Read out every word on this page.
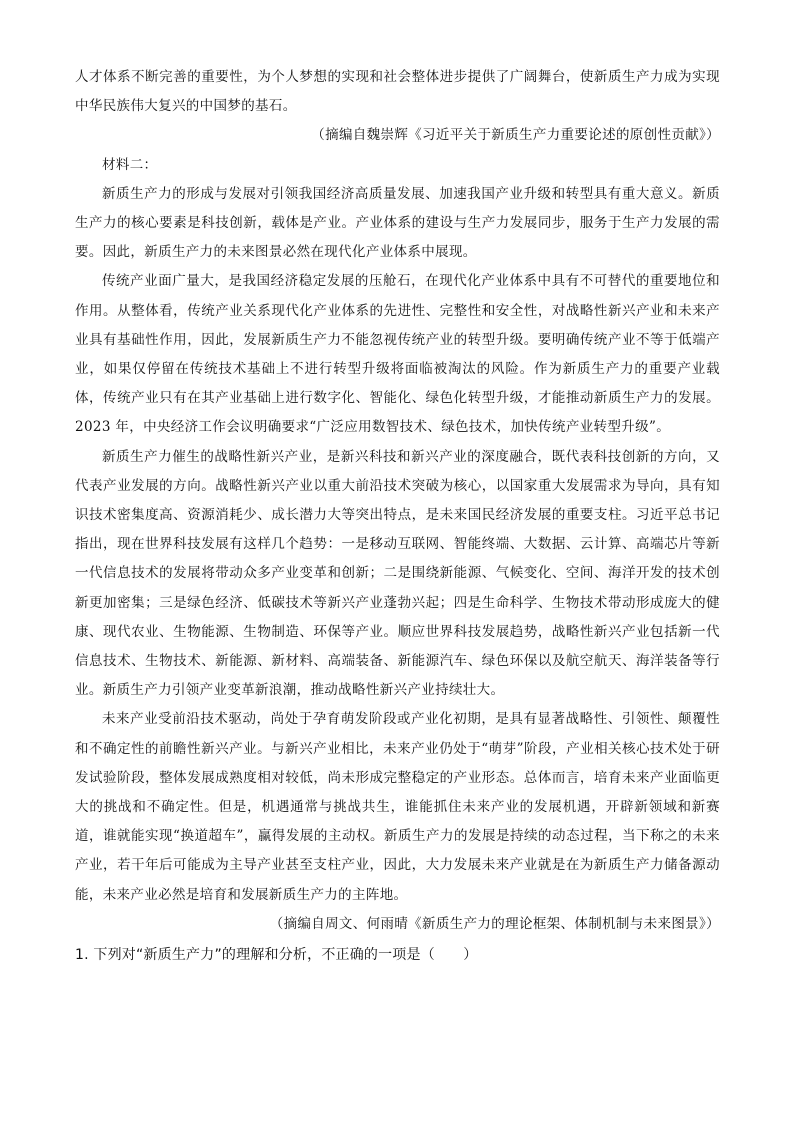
人才体系不断完善的重要性，为个人梦想的实现和社会整体进步提供了广阔舞台，使新质生产力成为实现中华民族伟大复兴的中国梦的基石。

（摘编自魏崇辉《习近平关于新质生产力重要论述的原创性贡献》）

材料二：

新质生产力的形成与发展对引领我国经济高质量发展、加速我国产业升级和转型具有重大意义。新质生产力的核心要素是科技创新，载体是产业。产业体系的建设与生产力发展同步，服务于生产力发展的需要。因此，新质生产力的未来图景必然在现代化产业体系中展现。

传统产业面广量大，是我国经济稳定发展的压舱石，在现代化产业体系中具有不可替代的重要地位和作用。从整体看，传统产业关系现代化产业体系的先进性、完整性和安全性，对战略性新兴产业和未来产业具有基础性作用，因此，发展新质生产力不能忽视传统产业的转型升级。要明确传统产业不等于低端产业，如果仅停留在传统技术基础上不进行转型升级将面临被淘汰的风险。作为新质生产力的重要产业载体，传统产业只有在其产业基础上进行数字化、智能化、绿色化转型升级，才能推动新质生产力的发展。2023 年，中央经济工作会议明确要求“广泛应用数智技术、绿色技术，加快传统产业转型升级”。

新质生产力催生的战略性新兴产业，是新兴科技和新兴产业的深度融合，既代表科技创新的方向，又代表产业发展的方向。战略性新兴产业以重大前沿技术突破为核心，以国家重大发展需求为导向，具有知识技术密集度高、资源消耗少、成长潜力大等突出特点，是未来国民经济发展的重要支柱。习近平总书记指出，现在世界科技发展有这样几个趋势：一是移动互联网、智能终端、大数据、云计算、高端芯片等新一代信息技术的发展将带动众多产业变革和创新；二是围绕新能源、气候变化、空间、海洋开发的技术创新更加密集；三是绿色经济、低碳技术等新兴产业蓬勃兴起；四是生命科学、生物技术带动形成庞大的健康、现代农业、生物能源、生物制造、环保等产业。顺应世界科技发展趋势，战略性新兴产业包括新一代信息技术、生物技术、新能源、新材料、高端装备、新能源汽车、绿色环保以及航空航天、海洋装备等行业。新质生产力引领产业变革新浪潮，推动战略性新兴产业持续壮大。

未来产业受前沿技术驱动，尚处于孕育萌发阶段或产业化初期，是具有显著战略性、引领性、颠覆性和不确定性的前瞻性新兴产业。与新兴产业相比，未来产业仍处于“萌芽”阶段，产业相关核心技术处于研发试验阶段，整体发展成熟度相对较低，尚未形成完整稳定的产业形态。总体而言，培育未来产业面临更大的挑战和不确定性。但是，机遇通常与挑战共生，谁能抓住未来产业的发展机遇，开辟新领域和新赛道，谁就能实现“换道超车”，赢得发展的主动权。新质生产力的发展是持续的动态过程，当下称之的未来产业，若干年后可能成为主导产业甚至支柱产业，因此，大力发展未来产业就是在为新质生产力储备源动能，未来产业必然是培育和发展新质生产力的主阵地。

（摘编自周文、何雨晴《新质生产力的理论框架、体制机制与未来图景》）

1. 下列对“新质生产力”的理解和分析，不正确的一项是（　　）
